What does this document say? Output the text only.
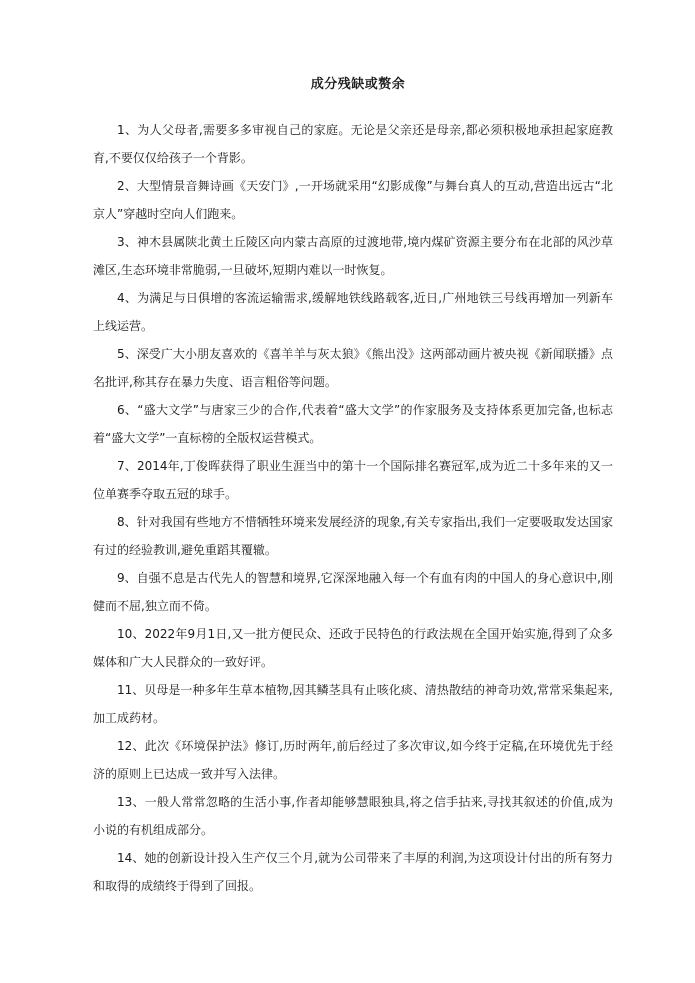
成分残缺或赘余

1、为人父母者,需要多多审视自己的家庭。无论是父亲还是母亲,都必须积极地承担起家庭教育,不要仅仅给孩子一个背影。

2、大型情景音舞诗画《天安门》,一开场就采用“幻影成像”与舞台真人的互动,营造出远古“北京人”穿越时空向人们跑来。

3、神木县属陕北黄土丘陵区向内蒙古高原的过渡地带,境内煤矿资源主要分布在北部的风沙草滩区,生态环境非常脆弱,一旦破坏,短期内难以一时恢复。

4、为满足与日俱增的客流运输需求,缓解地铁线路载客,近日,广州地铁三号线再增加一列新车上线运营。

5、深受广大小朋友喜欢的《喜羊羊与灰太狼》《熊出没》这两部动画片被央视《新闻联播》点名批评,称其存在暴力失度、语言粗俗等问题。

6、“盛大文学”与唐家三少的合作,代表着“盛大文学”的作家服务及支持体系更加完备,也标志着“盛大文学”一直标榜的全版权运营模式。

7、2014年,丁俊晖获得了职业生涯当中的第十一个国际排名赛冠军,成为近二十多年来的又一位单赛季夺取五冠的球手。

8、针对我国有些地方不惜牺牲环境来发展经济的现象,有关专家指出,我们一定要吸取发达国家有过的经验教训,避免重蹈其覆辙。

9、自强不息是古代先人的智慧和境界,它深深地融入每一个有血有肉的中国人的身心意识中,刚健而不屈,独立而不倚。

10、2022年9月1日,又一批方便民众、还政于民特色的行政法规在全国开始实施,得到了众多媒体和广大人民群众的一致好评。

11、贝母是一种多年生草本植物,因其鳞茎具有止咳化痰、清热散结的神奇功效,常常采集起来,加工成药材。

12、此次《环境保护法》修订,历时两年,前后经过了多次审议,如今终于定稿,在环境优先于经济的原则上已达成一致并写入法律。

13、一般人常常忽略的生活小事,作者却能够慧眼独具,将之信手拈来,寻找其叙述的价值,成为小说的有机组成部分。

14、她的创新设计投入生产仅三个月,就为公司带来了丰厚的利润,为这项设计付出的所有努力和取得的成绩终于得到了回报。
